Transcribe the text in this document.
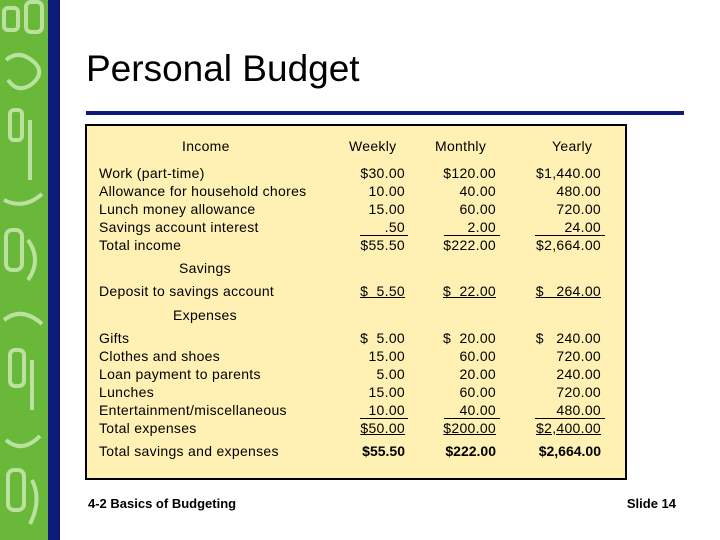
Personal Budget
Income	Weekly	Monthly	Yearly
Work (part-time)	$30.00	$120.00	$1,440.00
Allowance for household chores	10.00	40.00	480.00
Lunch money allowance	15.00	60.00	720.00
Savings account interest	.50	2.00	24.00
Total income	$55.50	$222.00	$2,664.00
Savings
Deposit to savings account	$  5.50	$  22.00	$   264.00
Expenses
Gifts	$  5.00	$  20.00	$   240.00
Clothes and shoes	15.00	60.00	720.00
Loan payment to parents	5.00	20.00	240.00
Lunches	15.00	60.00	720.00
Entertainment/miscellaneous	10.00	40.00	480.00
Total expenses	$50.00	$200.00	$2,400.00
Total savings and expenses	$55.50	$222.00	$2,664.00
4-2 Basics of Budgeting	Slide 14
